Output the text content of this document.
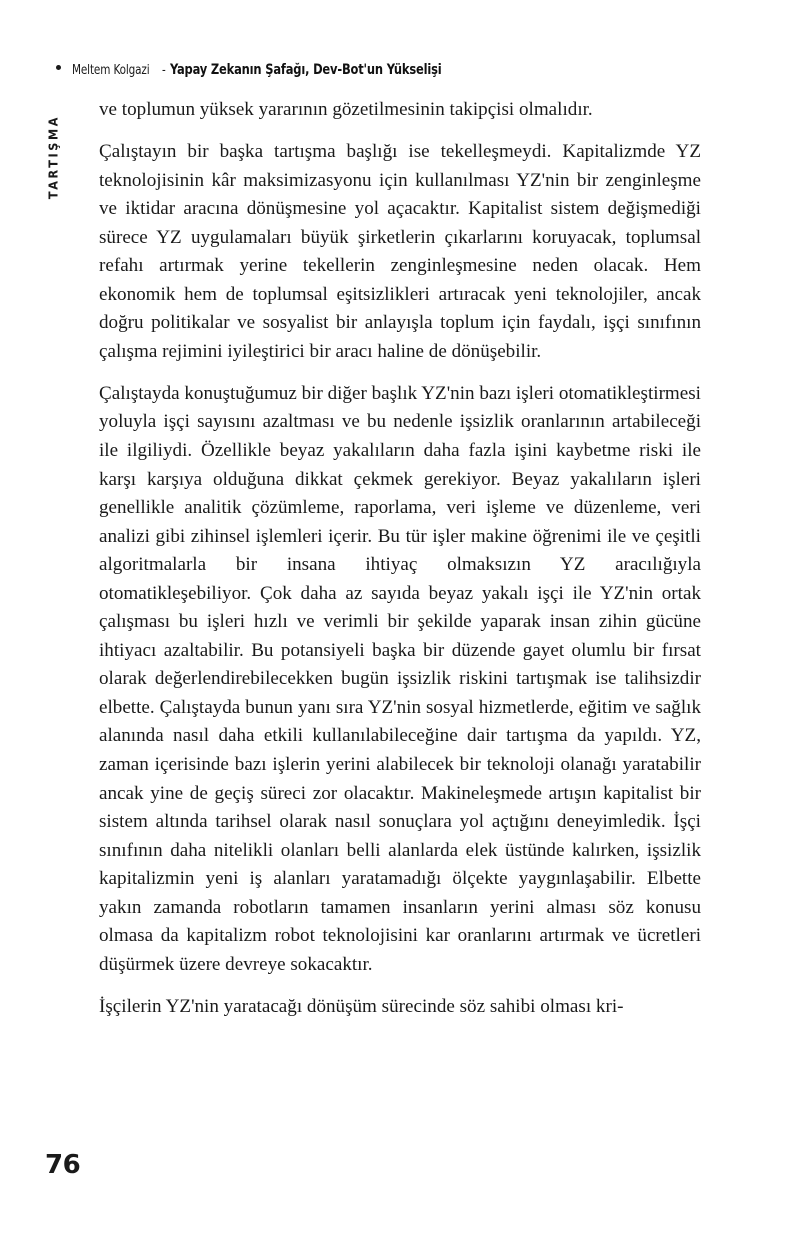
Meltem Kolgazi - Yapay Zekanın Şafağı, Dev-Bot'un Yükselişi
TARTIŞMA

ve toplumun yüksek yararının gözetilmesinin takipçisi olmalıdır.

Çalıştayın bir başka tartışma başlığı ise tekelleşmeydi. Kapitalizmde YZ teknolojisinin kâr maksimizasyonu için kullanılması YZ'nin bir zenginleşme ve iktidar aracına dönüşmesine yol açacaktır. Kapitalist sistem değişmediği sürece YZ uygulamaları büyük şirketlerin çıkarlarını koruyacak, toplumsal refahı artırmak yerine tekellerin zenginleşmesine neden olacak. Hem ekonomik hem de toplumsal eşitsizlikleri artıracak yeni teknolojiler, ancak doğru politikalar ve sosyalist bir anlayışla toplum için faydalı, işçi sınıfının çalışma rejimini iyileştirici bir aracı haline de dönüşebilir.

Çalıştayda konuştuğumuz bir diğer başlık YZ'nin bazı işleri otomatikleştirmesi yoluyla işçi sayısını azaltması ve bu nedenle işsizlik oranlarının artabileceği ile ilgiliydi. Özellikle beyaz yakalıların daha fazla işini kaybetme riski ile karşı karşıya olduğuna dikkat çekmek gerekiyor. Beyaz yakalıların işleri genellikle analitik çözümleme, raporlama, veri işleme ve düzenleme, veri analizi gibi zihinsel işlemleri içerir. Bu tür işler makine öğrenimi ile ve çeşitli algoritmalarla bir insana ihtiyaç olmaksızın YZ aracılığıyla otomatikleşebiliyor. Çok daha az sayıda beyaz yakalı işçi ile YZ'nin ortak çalışması bu işleri hızlı ve verimli bir şekilde yaparak insan zihin gücüne ihtiyacı azaltabilir. Bu potansiyeli başka bir düzende gayet olumlu bir fırsat olarak değerlendirebilecekken bugün işsizlik riskini tartışmak ise talihsizdir elbette. Çalıştayda bunun yanı sıra YZ'nin sosyal hizmetlerde, eğitim ve sağlık alanında nasıl daha etkili kullanılabileceğine dair tartışma da yapıldı. YZ, zaman içerisinde bazı işlerin yerini alabilecek bir teknoloji olanağı yaratabilir ancak yine de geçiş süreci zor olacaktır. Makineleşmede artışın kapitalist bir sistem altında tarihsel olarak nasıl sonuçlara yol açtığını deneyimledik. İşçi sınıfının daha nitelikli olanları belli alanlarda elek üstünde kalırken, işsizlik kapitalizmin yeni iş alanları yaratamadığı ölçekte yaygınlaşabilir. Elbette yakın zamanda robotların tamamen insanların yerini alması söz konusu olmasa da kapitalizm robot teknolojisini kar oranlarını artırmak ve ücretleri düşürmek üzere devreye sokacaktır.

İşçilerin YZ'nin yaratacağı dönüşüm sürecinde söz sahibi olması kri-

76
